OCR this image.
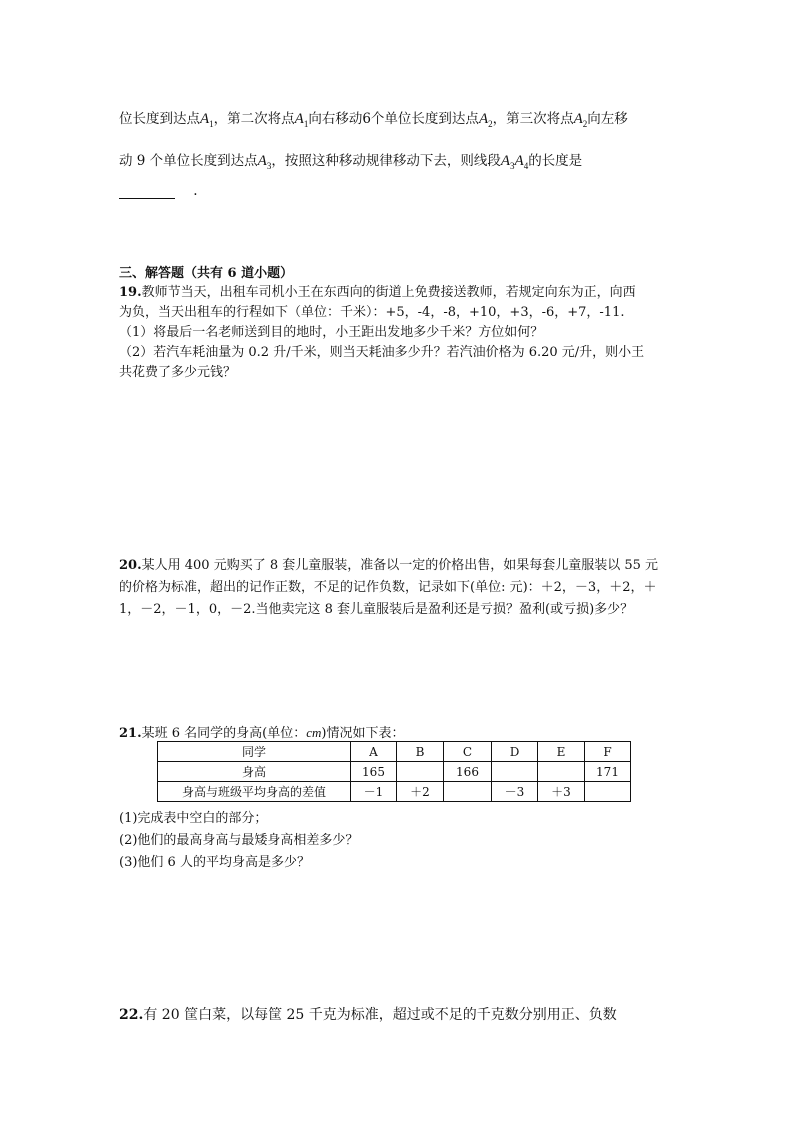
位长度到达点$A_1$，第二次将点$A_1$向右移动6个单位长度到达点$A_2$，第三次将点$A_2$向左移
动 9 个单位长度到达点$A_3$，按照这种移动规律移动下去，则线段$A_3A_4$的长度是
.
三、解答题（共有 6 道小题）
19.教师节当天，出租车司机小王在东西向的街道上免费接送教师，若规定向东为正，向西
为负，当天出租车的行程如下（单位：千米）：+5，-4，-8，+10，+3，-6，+7，-11.
（1）将最后一名老师送到目的地时，小王距出发地多少千米？方位如何？
（2）若汽车耗油量为 0.2 升/千米，则当天耗油多少升？若汽油价格为 6.20 元/升，则小王
共花费了多少元钱？
20.某人用 400 元购买了 8 套儿童服装，准备以一定的价格出售，如果每套儿童服装以 55 元
的价格为标准，超出的记作正数，不足的记作负数，记录如下(单位: 元)：＋2，－3，＋2，＋
1，－2，－1，0，－2.当他卖完这 8 套儿童服装后是盈利还是亏损？盈利(或亏损)多少？
21.某班 6 名同学的身高(单位：cm)情况如下表：
同学	A	B	C	D	E	F
身高	165		166			171
身高与班级平均身高的差值	－1	＋2		－3	＋3	
(1)完成表中空白的部分；
(2)他们的最高身高与最矮身高相差多少？
(3)他们 6 人的平均身高是多少？
22.有 20 筐白菜，以每筐 25 千克为标准，超过或不足的千克数分别用正、负数
